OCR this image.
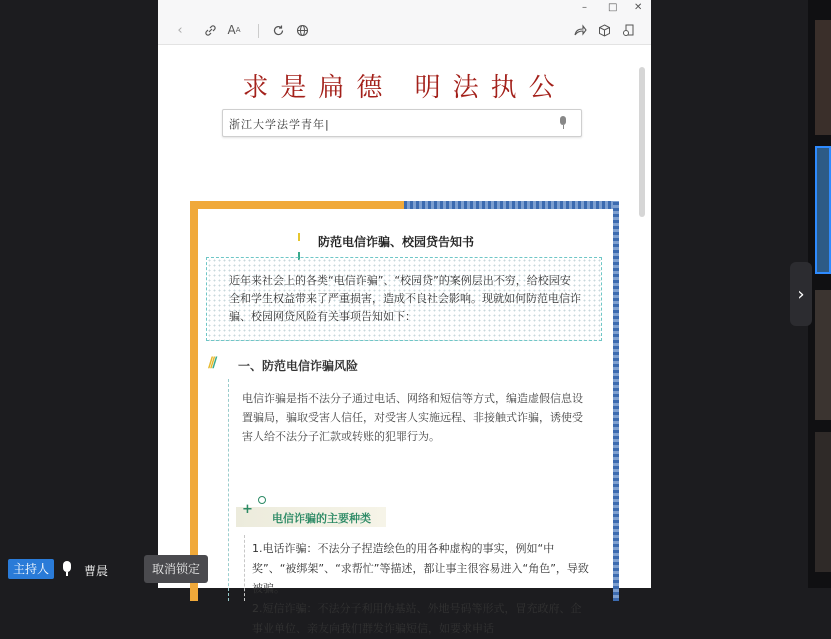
›
– □ ✕
‹	A A
求是扁德 明法执公
浙江大学法学青年|
防范电信诈骗、校园贷告知书
近年来社会上的各类“电信诈骗”、“校园贷”的案例层出不穷，给校园安全和学生权益带来了严重损害，造成不良社会影响。现就如何防范电信诈骗、校园网贷风险有关事项告知如下：
/// 一、防范电信诈骗风险
电信诈骗是指不法分子通过电话、网络和短信等方式，编造虚假信息设置骗局，骗取受害人信任，对受害人实施远程、非接触式诈骗，诱使受害人给不法分子汇款或转账的犯罪行为。
电信诈骗的主要种类
+
1.电话诈骗：不法分子捏造绘色的用各种虚构的事实，例如“中奖”、“被绑架”、“求帮忙”等描述，都让事主很容易进入“角色”，导致被骗。
2.短信诈骗：不法分子利用伪基站、外地号码等形式，冒充政府、企事业单位、亲友向我们群发诈骗短信，如要求申话
主持人	曹晨	取消锁定
